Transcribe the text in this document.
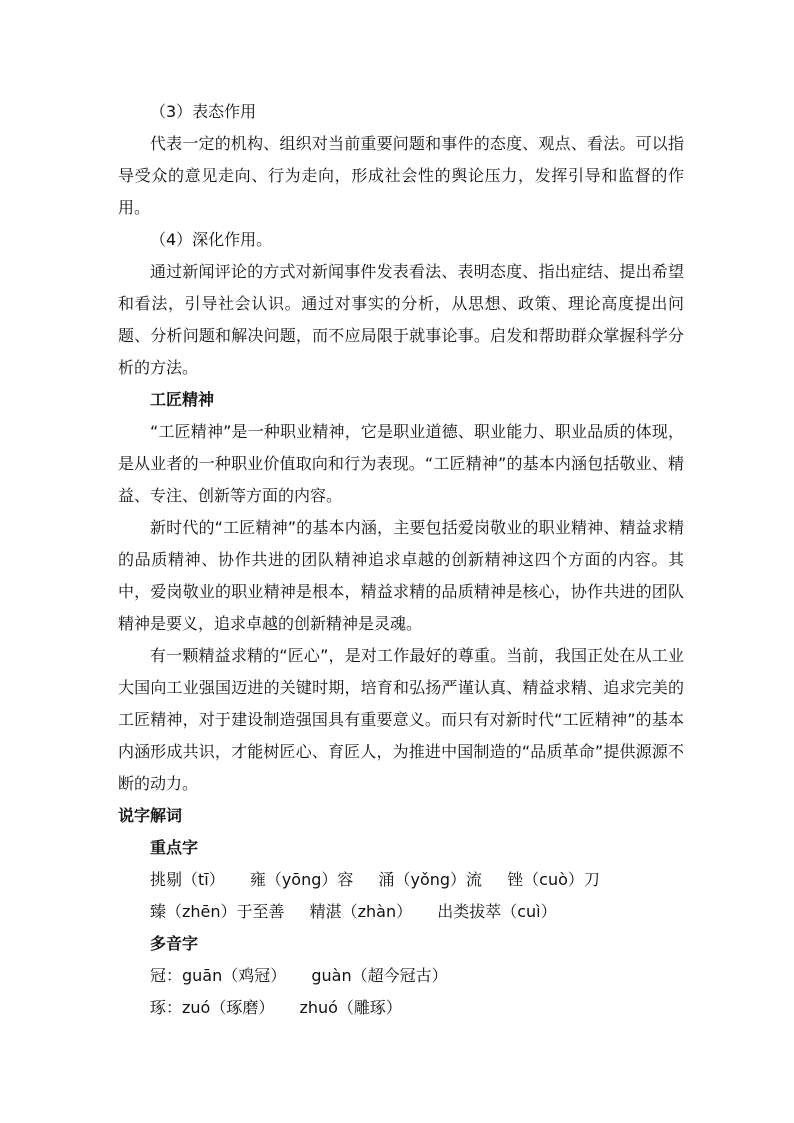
（3）表态作用

代表一定的机构、组织对当前重要问题和事件的态度、观点、看法。可以指导受众的意见走向、行为走向，形成社会性的舆论压力，发挥引导和监督的作用。

（4）深化作用。

通过新闻评论的方式对新闻事件发表看法、表明态度、指出症结、提出希望和看法，引导社会认识。通过对事实的分析，从思想、政策、理论高度提出问题、分析问题和解决问题，而不应局限于就事论事。启发和帮助群众掌握科学分析的方法。

工匠精神

“工匠精神”是一种职业精神，它是职业道德、职业能力、职业品质的体现，是从业者的一种职业价值取向和行为表现。“工匠精神”的基本内涵包括敬业、精益、专注、创新等方面的内容。

新时代的“工匠精神”的基本内涵，主要包括爱岗敬业的职业精神、精益求精的品质精神、协作共进的团队精神追求卓越的创新精神这四个方面的内容。其中，爱岗敬业的职业精神是根本，精益求精的品质精神是核心，协作共进的团队精神是要义，追求卓越的创新精神是灵魂。

有一颗精益求精的“匠心”，是对工作最好的尊重。当前，我国正处在从工业大国向工业强国迈进的关键时期，培育和弘扬严谨认真、精益求精、追求完美的工匠精神，对于建设制造强国具有重要意义。而只有对新时代“工匠精神”的基本内涵形成共识，才能树匠心、育匠人，为推进中国制造的“品质革命”提供源源不断的动力。

说字解词

重点字

挑剔（tī） 雍（yōng）容 涌（yǒng）流 锉（cuò）刀

臻（zhēn）于至善 精湛（zhàn） 出类拔萃（cuì）

多音字

冠：guān（鸡冠） guàn（超今冠古）

琢：zuó（琢磨） zhuó（雕琢）
